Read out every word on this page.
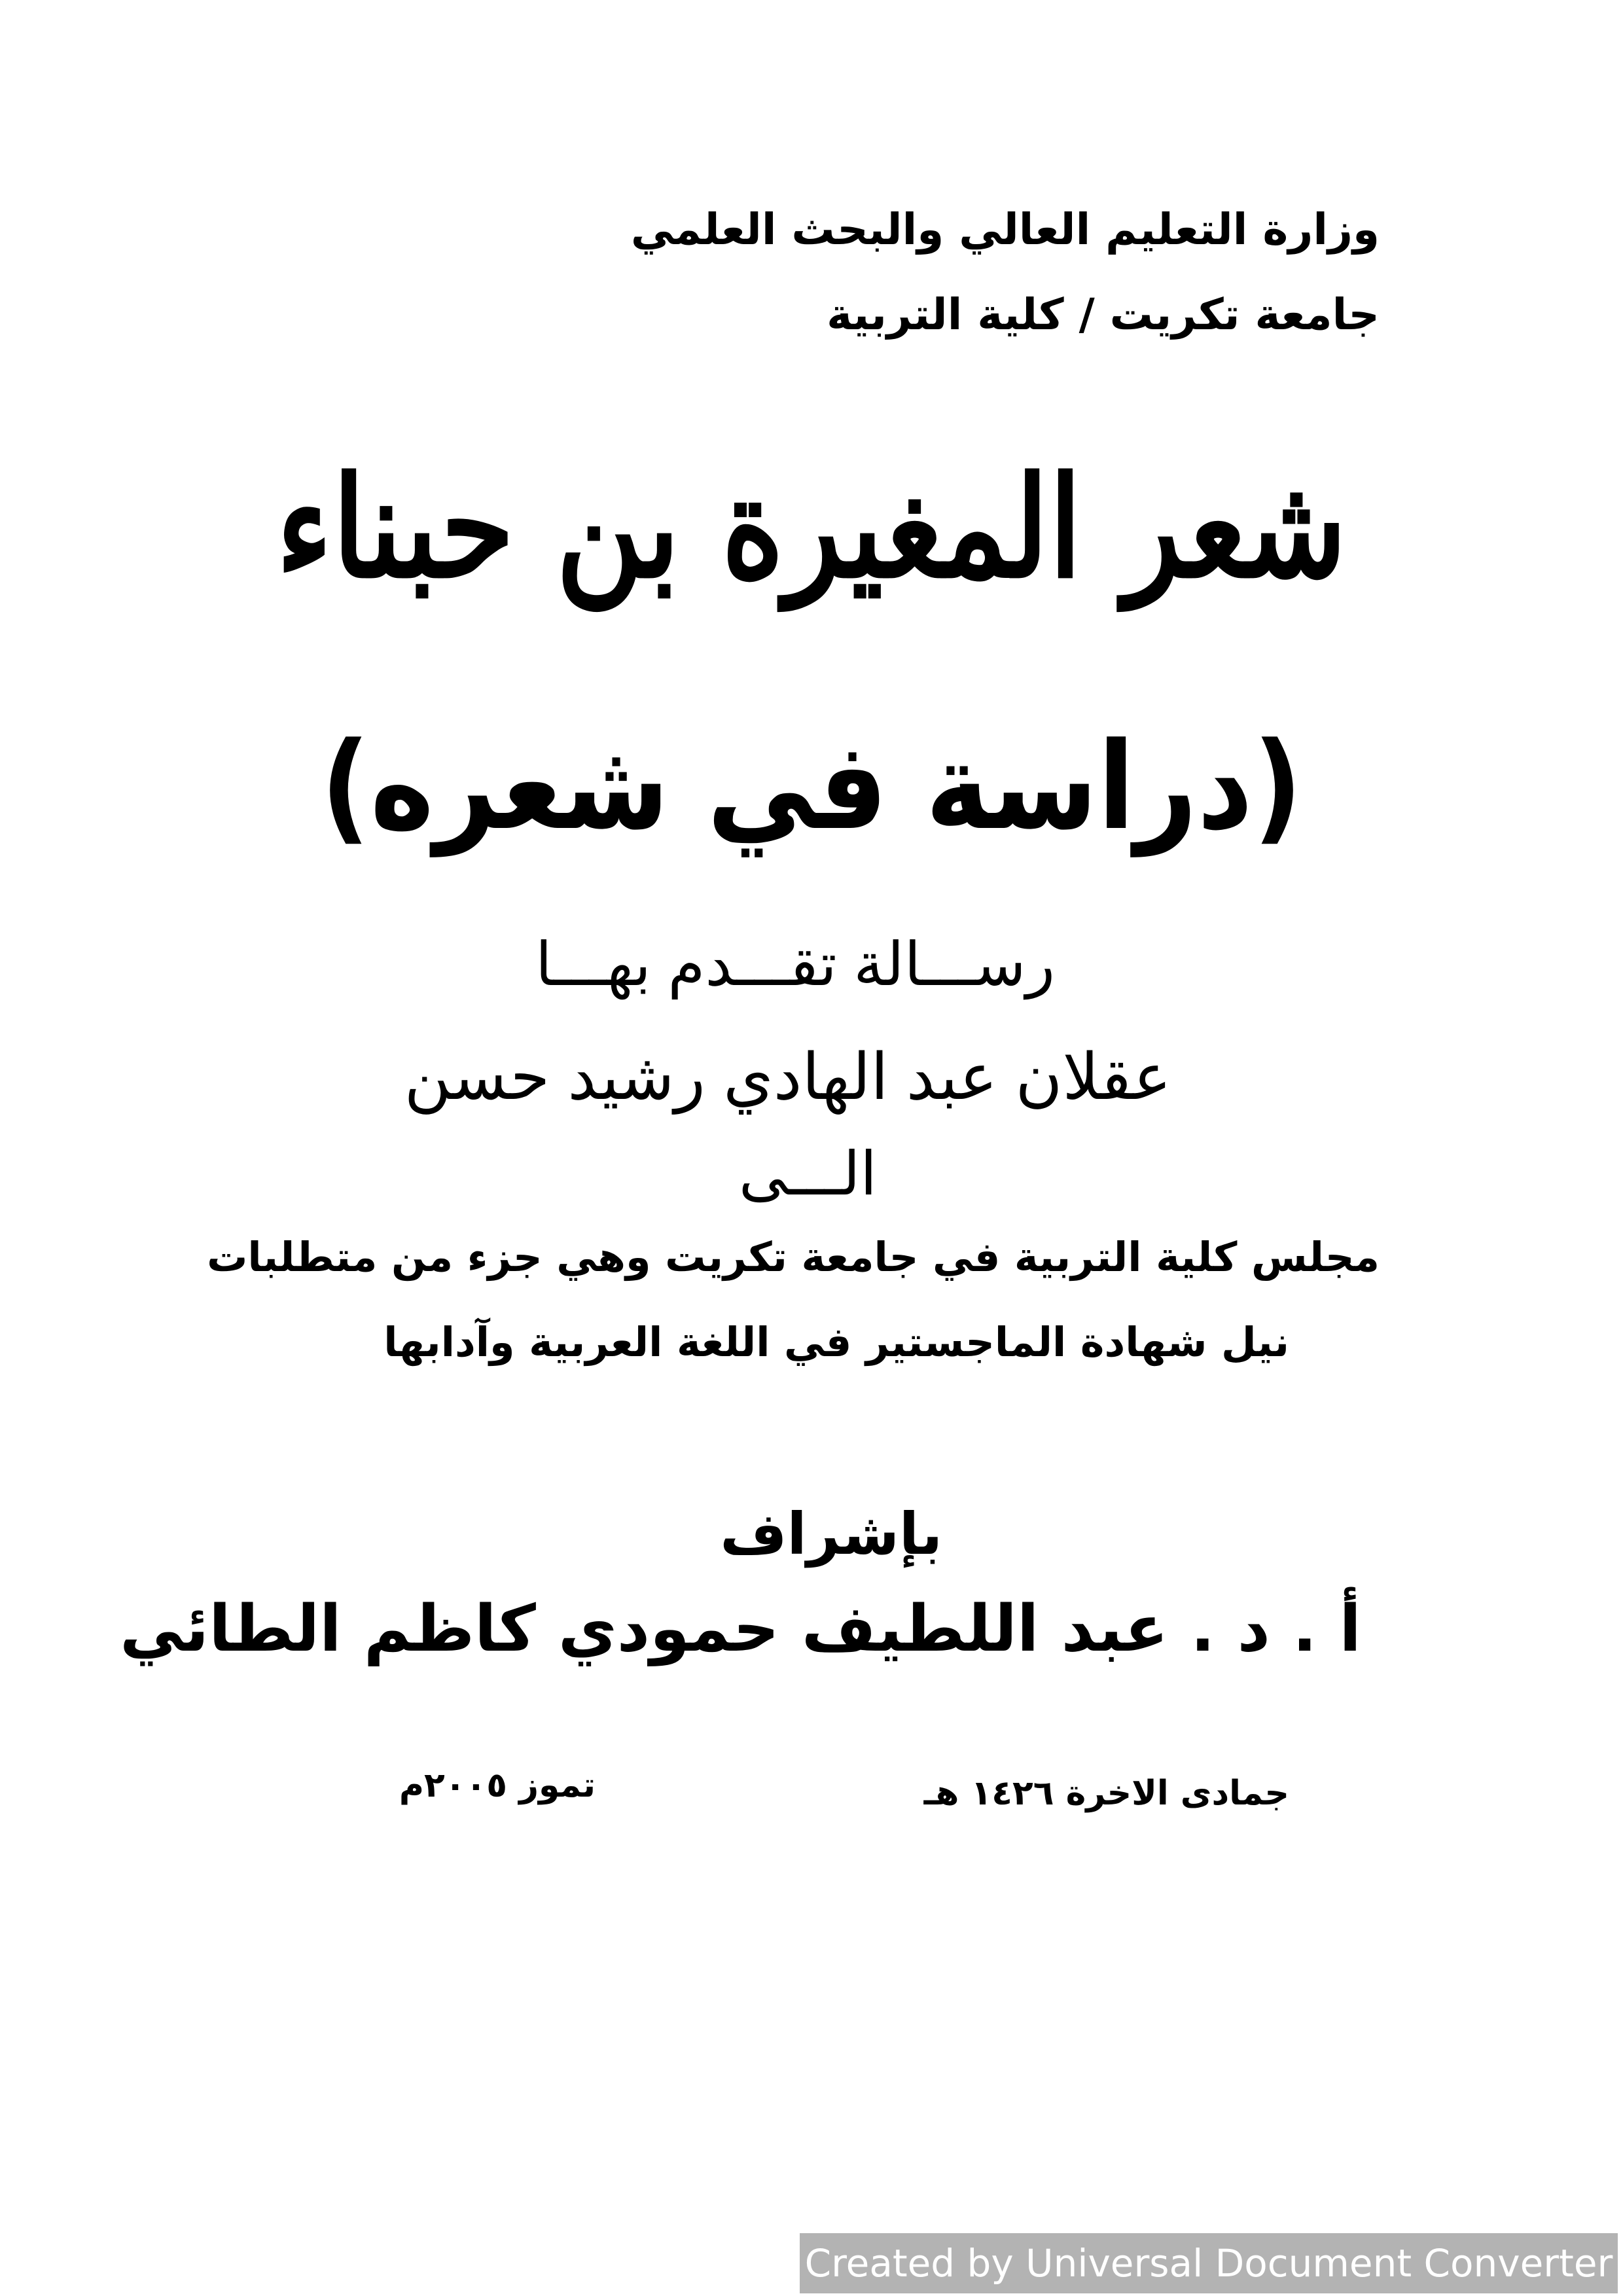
وزارة التعليم العالي والبحث العلمي
جامعة تكريت / كلية التربية
شعر المغيرة بن حبناء
(دراسة في شعره)
رســـالة تقـــدم بهـــا
عقلان عبد الهادي رشيد حسن
الـــى
مجلس كلية التربية في جامعة تكريت وهي جزء من متطلبات
نيل شهادة الماجستير في اللغة العربية وآدابها
بإشراف
أ . د . عبد اللطيف حمودي كاظم الطائي
جمادى الاخرة ١٤٢٦ هـ
تموز ٢٠٠٥م
Created by Universal Document Converter
